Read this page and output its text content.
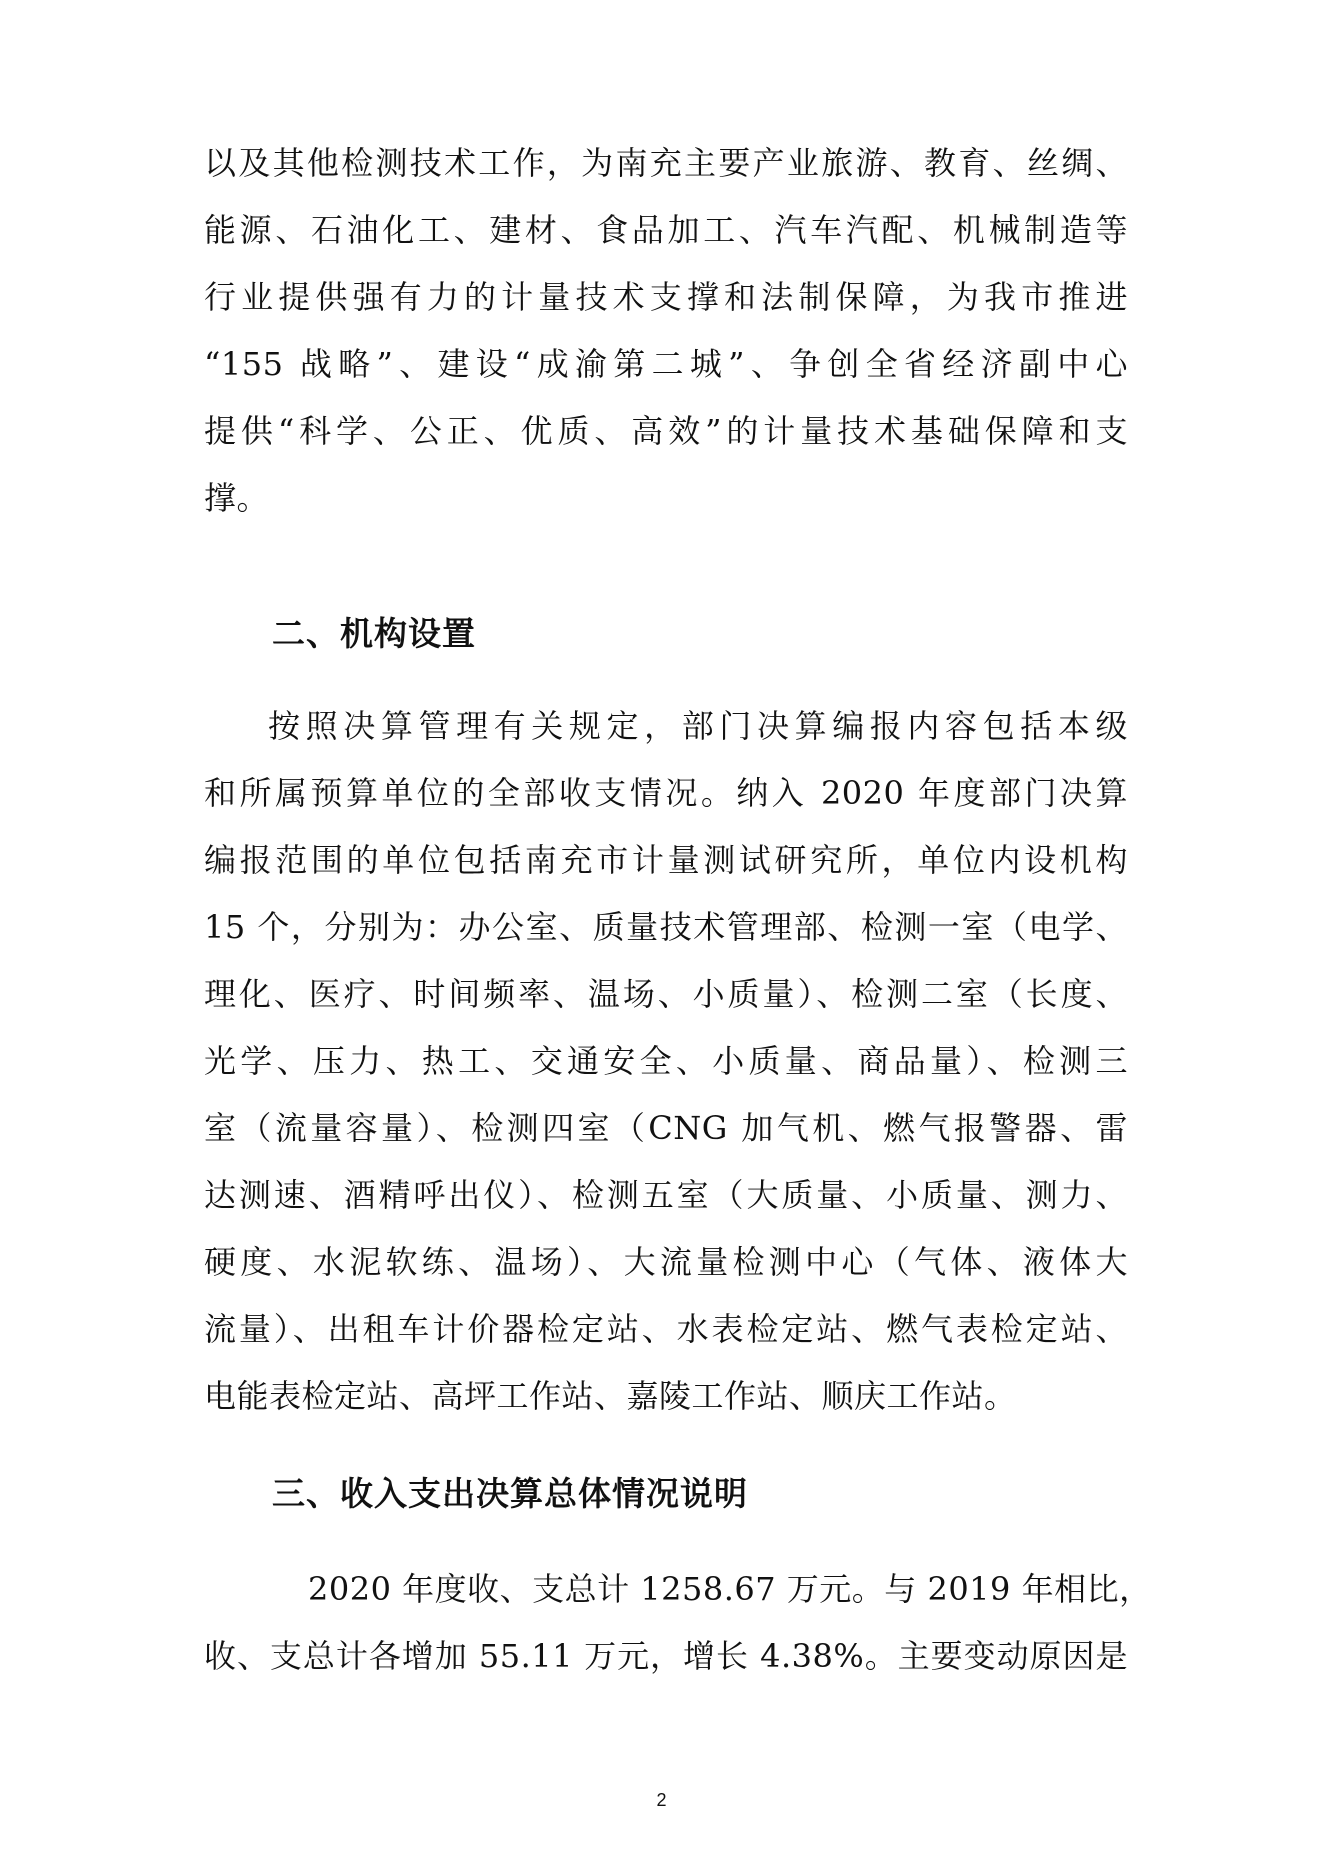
以及其他检测技术工作，为南充主要产业旅游、教育、丝绸、
能源、石油化工、建材、食品加工、汽车汽配、机械制造等
行业提供强有力的计量技术支撑和法制保障，为我市推进
“155 战略”、建设“成渝第二城”、争创全省经济副中心
提供“科学、公正、优质、高效”的计量技术基础保障和支
撑。
二、机构设置
按照决算管理有关规定，部门决算编报内容包括本级
和所属预算单位的全部收支情况。纳入 2020 年度部门决算
编报范围的单位包括南充市计量测试研究所，单位内设机构
15 个，分别为：办公室、质量技术管理部、检测一室（电学、
理化、医疗、时间频率、温场、小质量）、检测二室（长度、
光学、压力、热工、交通安全、小质量、商品量）、检测三
室（流量容量）、检测四室（CNG 加气机、燃气报警器、雷
达测速、酒精呼出仪）、检测五室（大质量、小质量、测力、
硬度、水泥软练、温场）、大流量检测中心（气体、液体大
流量）、出租车计价器检定站、水表检定站、燃气表检定站、
电能表检定站、高坪工作站、嘉陵工作站、顺庆工作站。
三、收入支出决算总体情况说明
2020 年度收、支总计 1258.67 万元。与 2019 年相比，
收、支总计各增加 55.11 万元，增长 4.38%。主要变动原因是
2
